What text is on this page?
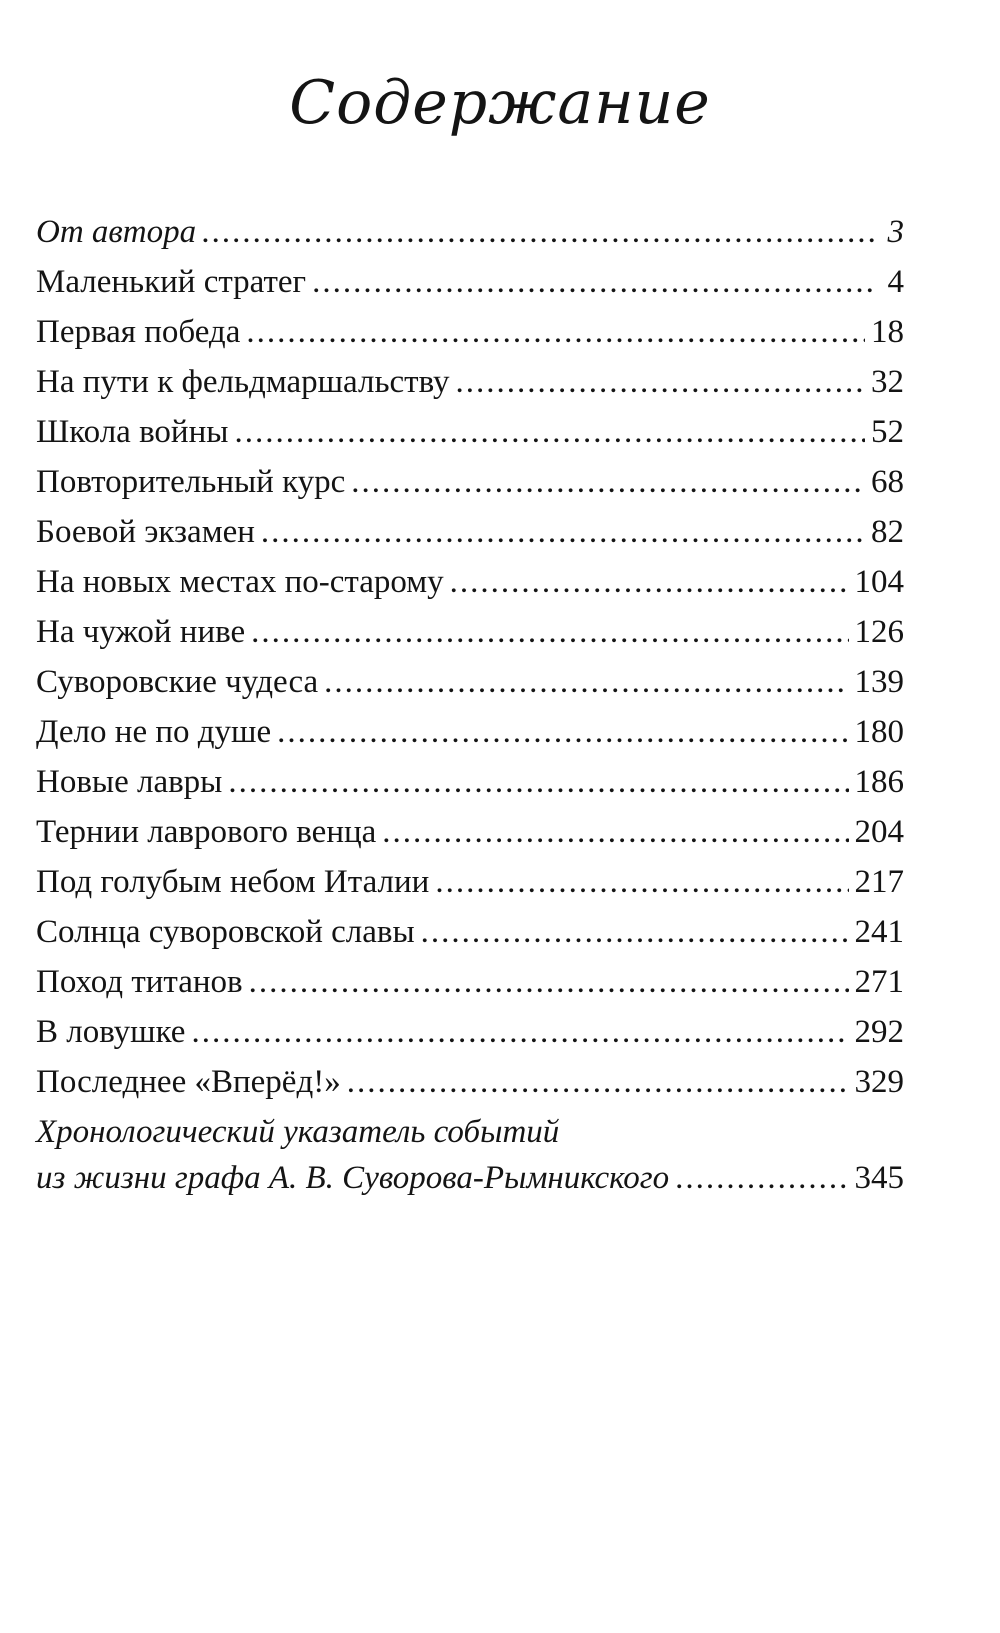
Содержание
От автора .....	3
Маленький стратег .....	4
Первая победа .....	18
На пути к фельдмаршальству .....	32
Школа войны .....	52
Повторительный курс .....	68
Боевой экзамен .....	82
На новых местах по-старому .....	104
На чужой ниве .....	126
Суворовские чудеса .....	139
Дело не по душе .....	180
Новые лавры .....	186
Тернии лаврового венца .....	204
Под голубым небом Италии .....	217
Солнца суворовской славы .....	241
Поход титанов .....	271
В ловушке .....	292
Последнее «Вперёд!» .....	329
Хронологический указатель событий
из жизни графа А. В. Суворова-Рымникского .....	345
